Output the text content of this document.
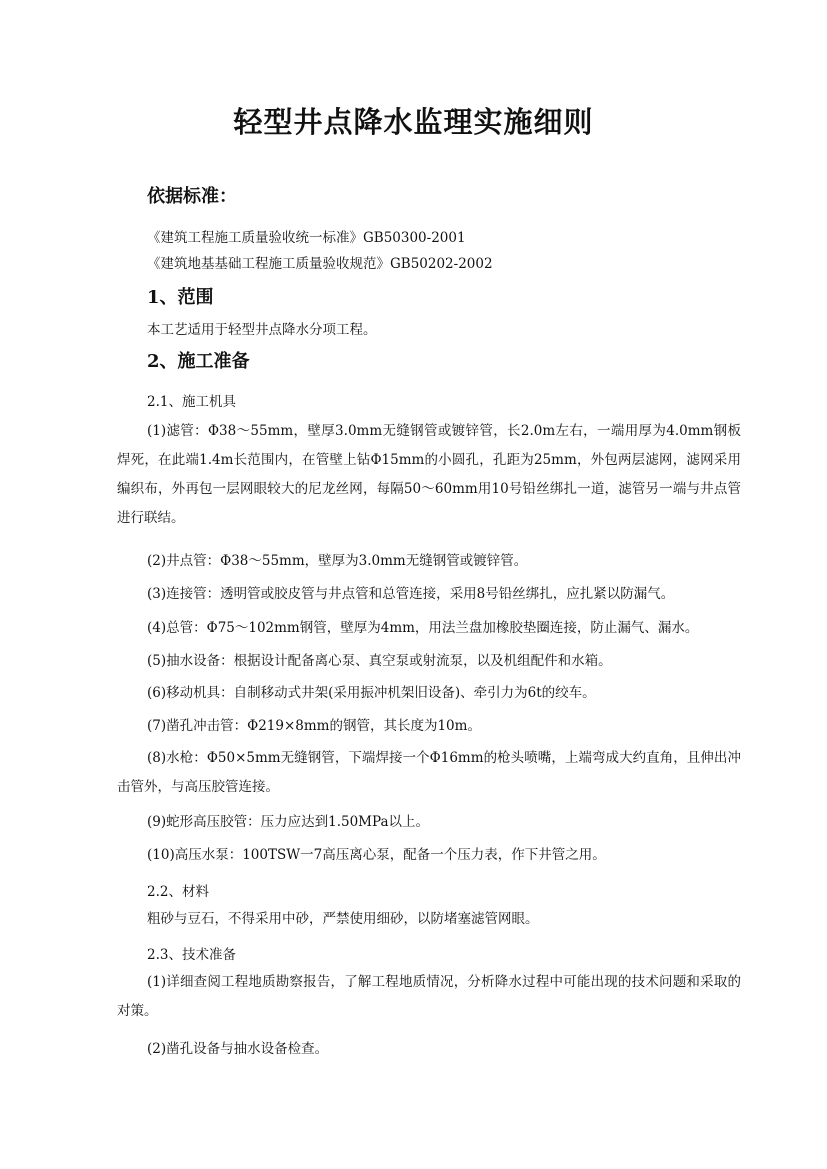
轻型井点降水监理实施细则
依据标准：

《建筑工程施工质量验收统一标准》GB50300-2001

《建筑地基基础工程施工质量验收规范》GB50202-2002

1、范围

本工艺适用于轻型井点降水分项工程。

2、施工准备

2.1、施工机具

(1)滤管：Φ38～55mm，壁厚3.0mm无缝钢管或镀锌管，长2.0m左右，一端用厚为4.0mm钢板焊死，在此端1.4m长范围内，在管壁上钻Φ15mm的小圆孔，孔距为25mm，外包两层滤网，滤网采用编织布，外再包一层网眼较大的尼龙丝网，每隔50～60mm用10号铅丝绑扎一道，滤管另一端与井点管进行联结。

(2)井点管：Φ38～55mm，壁厚为3.0mm无缝钢管或镀锌管。

(3)连接管：透明管或胶皮管与井点管和总管连接，采用8号铅丝绑扎，应扎紧以防漏气。

(4)总管：Φ75～102mm钢管，壁厚为4mm，用法兰盘加橡胶垫圈连接，防止漏气、漏水。

(5)抽水设备：根据设计配备离心泵、真空泵或射流泵，以及机组配件和水箱。

(6)移动机具：自制移动式井架(采用振冲机架旧设备)、牵引力为6t的绞车。

(7)凿孔冲击管：Φ219×8mm的钢管，其长度为10m。

(8)水枪：Φ50×5mm无缝钢管，下端焊接一个Φ16mm的枪头喷嘴，上端弯成大约直角，且伸出冲击管外，与高压胶管连接。

(9)蛇形高压胶管：压力应达到1.50MPa以上。

(10)高压水泵：100TSW一7高压离心泵，配备一个压力表，作下井管之用。

2.2、材料

粗砂与豆石，不得采用中砂，严禁使用细砂，以防堵塞滤管网眼。

2.3、技术准备

(1)详细查阅工程地质勘察报告，了解工程地质情况，分析降水过程中可能出现的技术问题和采取的对策。

(2)凿孔设备与抽水设备检查。
